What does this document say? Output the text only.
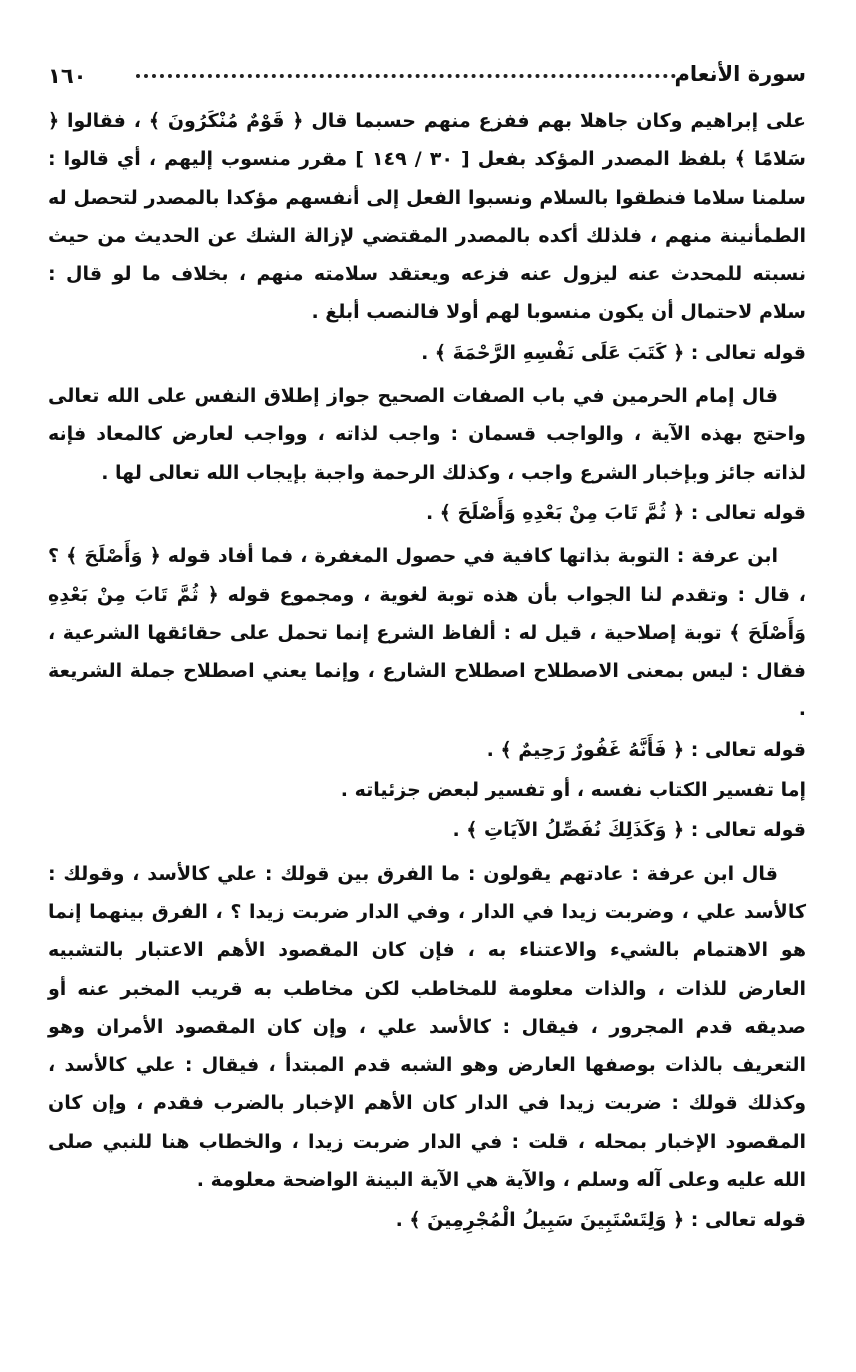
١٦٠	سورة الأنعام

على إبراهيم وكان جاهلا بهم ففزع منهم حسبما قال ﴿ قَوْمٌ مُنْكَرُونَ ﴾ ، فقالوا ﴿ سَلامًا ﴾ بلفظ المصدر المؤكد بفعل [ ٣٠ / ١٤٩ ] مقرر منسوب إليهم ، أي قالوا : سلمنا سلاما فنطقوا بالسلام ونسبوا الفعل إلى أنفسهم مؤكدا بالمصدر لتحصل له الطمأنينة منهم ، فلذلك أكده بالمصدر المقتضي لإزالة الشك عن الحديث من حيث نسبته للمحدث عنه ليزول عنه فزعه ويعتقد سلامته منهم ، بخلاف ما لو قال : سلام لاحتمال أن يكون منسوبا لهم أولا فالنصب أبلغ .

قوله تعالى : ﴿ كَتَبَ عَلَى نَفْسِهِ الرَّحْمَةَ ﴾ .

قال إمام الحرمين في باب الصفات الصحيح جواز إطلاق النفس على الله تعالى واحتج بهذه الآية ، والواجب قسمان : واجب لذاته ، وواجب لعارض كالمعاد فإنه لذاته جائز وبإخبار الشرع واجب ، وكذلك الرحمة واجبة بإيجاب الله تعالى لها .

قوله تعالى : ﴿ ثُمَّ تَابَ مِنْ بَعْدِهِ وَأَصْلَحَ ﴾ .

ابن عرفة : التوبة بذاتها كافية في حصول المغفرة ، فما أفاد قوله ﴿ وَأَصْلَحَ ﴾ ؟ ، قال : وتقدم لنا الجواب بأن هذه توبة لغوية ، ومجموع قوله ﴿ ثُمَّ تَابَ مِنْ بَعْدِهِ وَأَصْلَحَ ﴾ توبة إصلاحية ، قيل له : ألفاظ الشرع إنما تحمل على حقائقها الشرعية ، فقال : ليس بمعنى الاصطلاح اصطلاح الشارع ، وإنما يعني اصطلاح جملة الشريعة .

قوله تعالى : ﴿ فَأَنَّهُ غَفُورٌ رَحِيمٌ ﴾ .

إما تفسير الكتاب نفسه ، أو تفسير لبعض جزئياته .

قوله تعالى : ﴿ وَكَذَلِكَ نُفَصِّلُ الآيَاتِ ﴾ .

قال ابن عرفة : عادتهم يقولون : ما الفرق بين قولك : علي كالأسد ، وقولك : كالأسد علي ، وضربت زيدا في الدار ، وفي الدار ضربت زيدا ؟ ، الفرق بينهما إنما هو الاهتمام بالشيء والاعتناء به ، فإن كان المقصود الأهم الاعتبار بالتشبيه العارض للذات ، والذات معلومة للمخاطب لكن مخاطب به قريب المخبر عنه أو صديقه قدم المجرور ، فيقال : كالأسد علي ، وإن كان المقصود الأمران وهو التعريف بالذات بوصفها العارض وهو الشبه قدم المبتدأ ، فيقال : علي كالأسد ، وكذلك قولك : ضربت زيدا في الدار كان الأهم الإخبار بالضرب فقدم ، وإن كان المقصود الإخبار بمحله ، قلت : في الدار ضربت زيدا ، والخطاب هنا للنبي صلى الله عليه وعلى آله وسلم ، والآية هي الآية البينة الواضحة معلومة .

قوله تعالى : ﴿ وَلِتَسْتَبِينَ سَبِيلُ الْمُجْرِمِينَ ﴾ .
